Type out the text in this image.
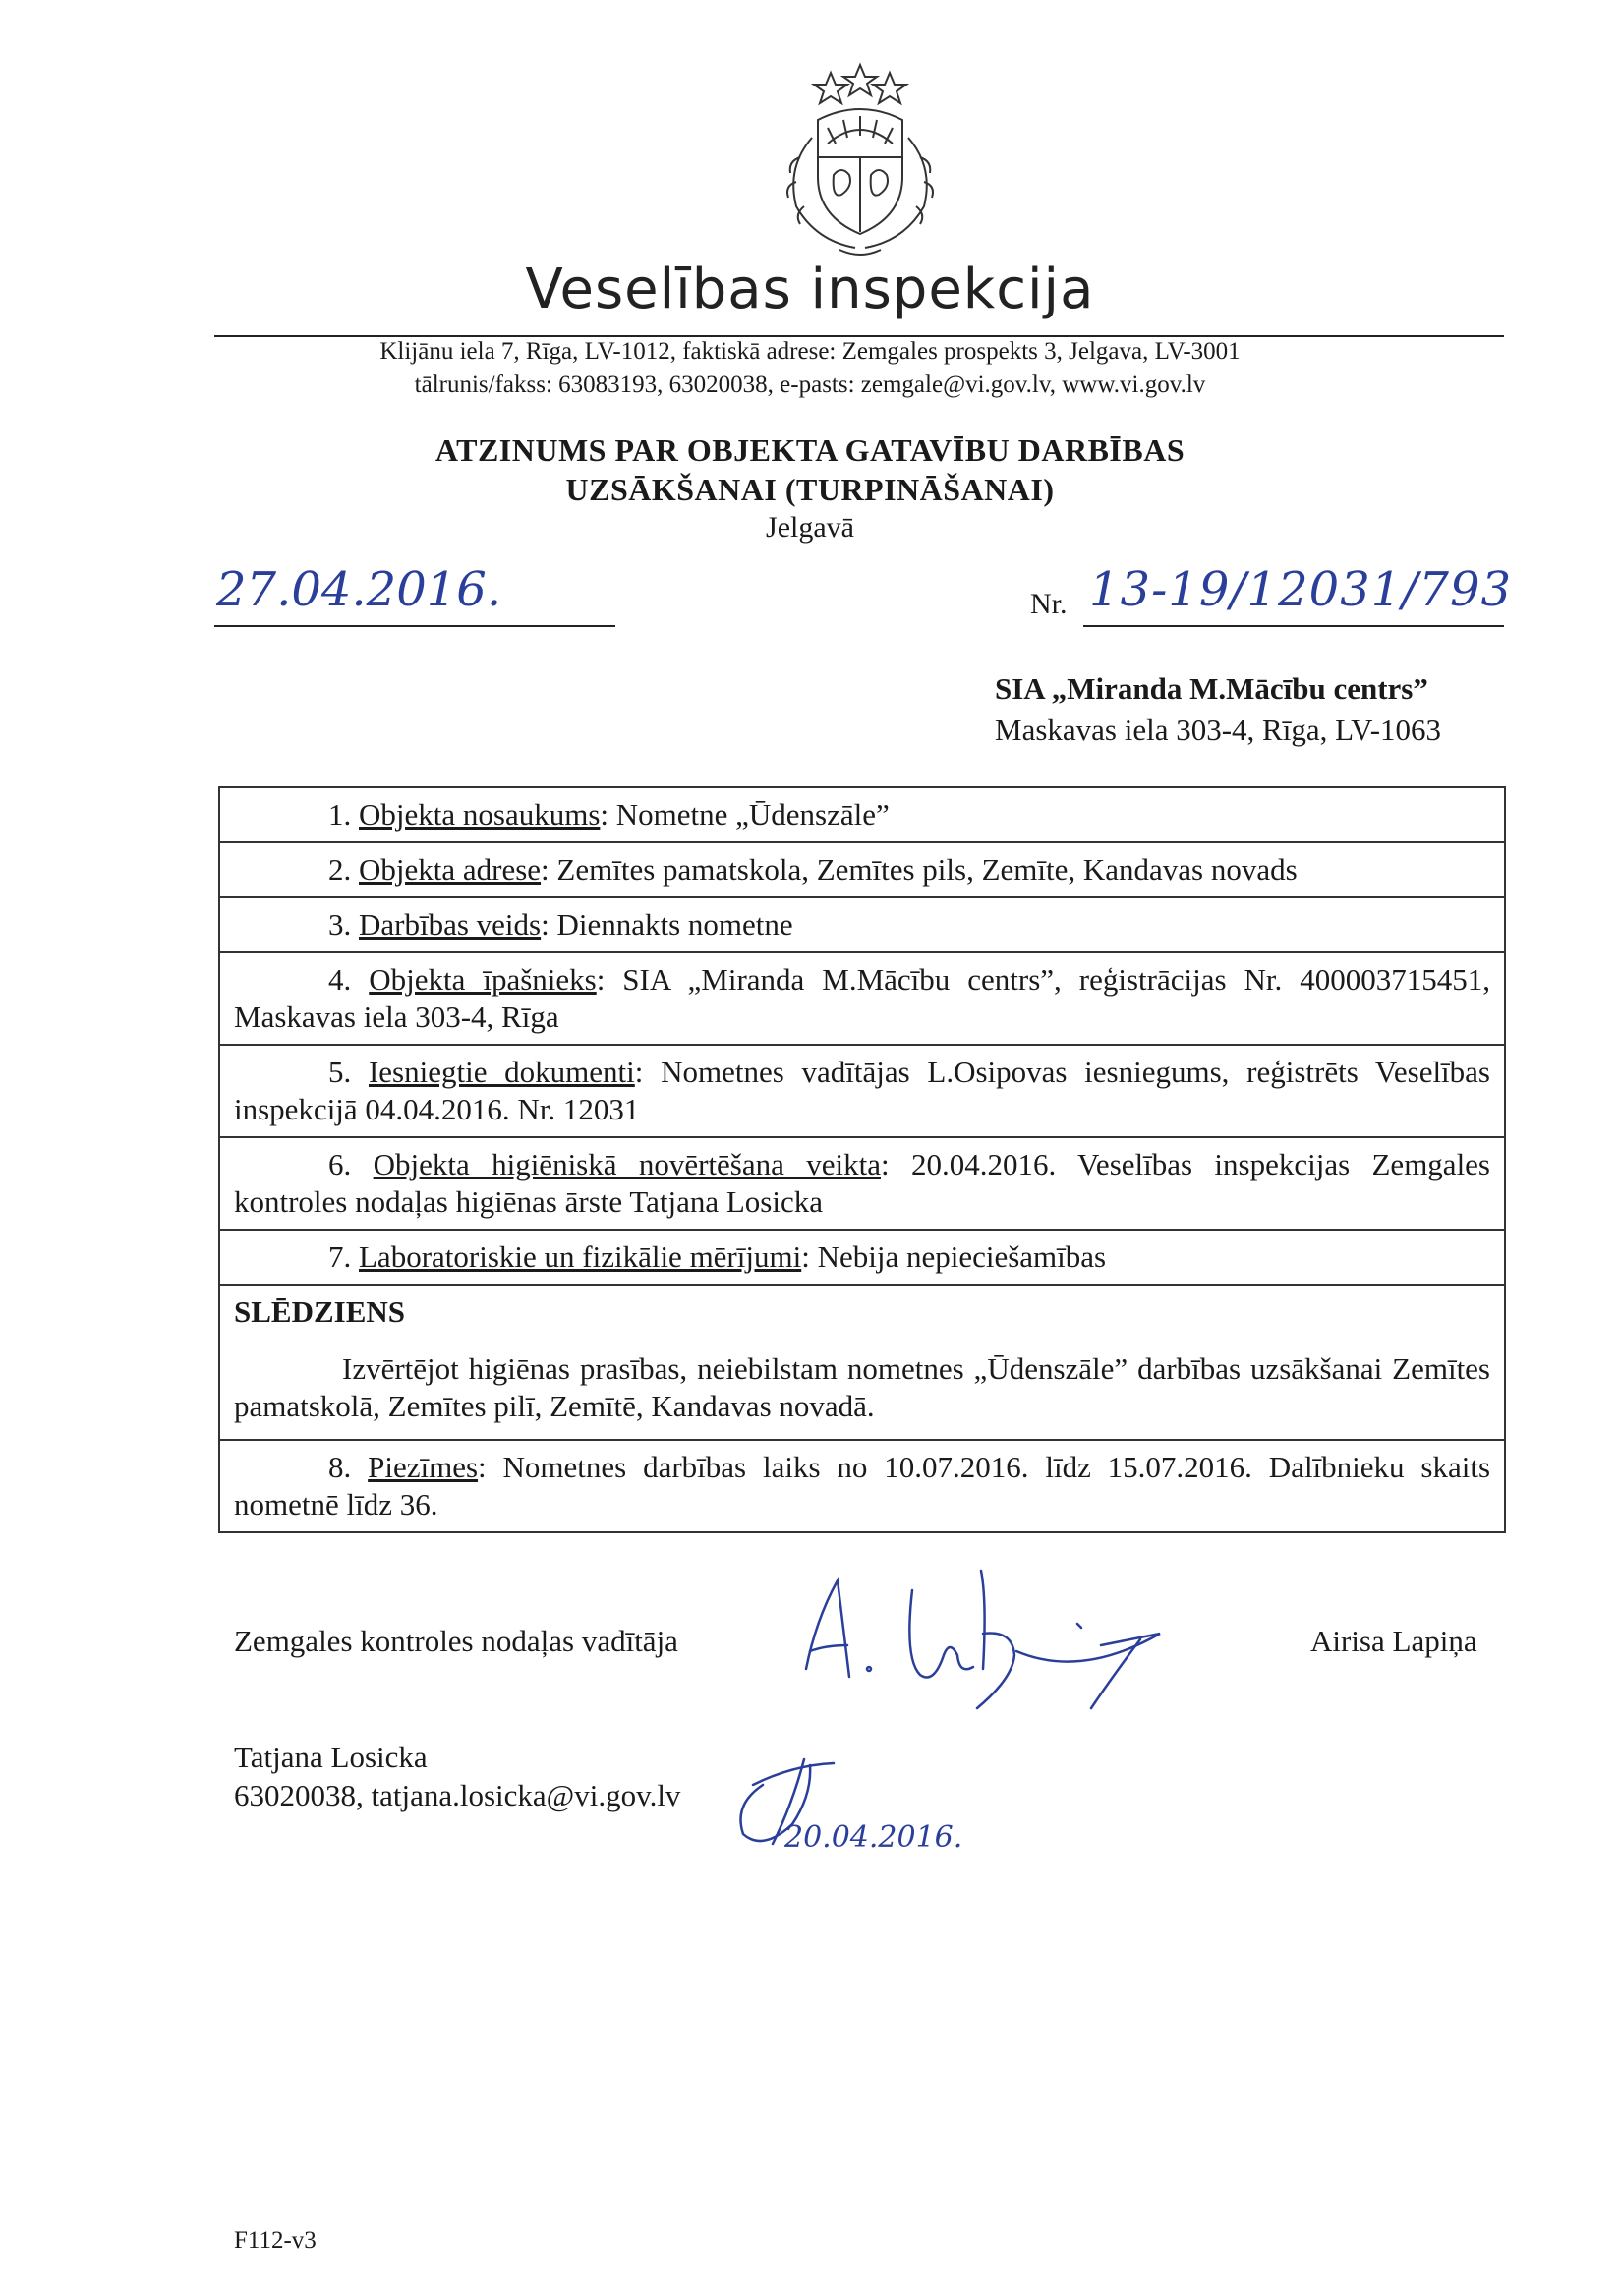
Veselības inspekcija
Klijānu iela 7, Rīga, LV-1012, faktiskā adrese: Zemgales prospekts 3, Jelgava, LV-3001
tālrunis/fakss: 63083193, 63020038, e-pasts: zemgale@vi.gov.lv, www.vi.gov.lv
ATZINUMS PAR OBJEKTA GATAVĪBU DARBĪBAS
UZSĀKŠANAI (TURPINĀŠANAI)
Jelgavā
27.04.2016.	Nr. 13-19/12031/793
SIA „Miranda M.Mācību centrs”
Maskavas iela 303-4, Rīga, LV-1063
1. Objekta nosaukums: Nometne „Ūdenszāle”
2. Objekta adrese: Zemītes pamatskola, Zemītes pils, Zemīte, Kandavas novads
3. Darbības veids: Diennakts nometne
4. Objekta īpašnieks: SIA „Miranda M.Mācību centrs”, reģistrācijas Nr. 400003715451, Maskavas iela 303-4, Rīga
5. Iesniegtie dokumenti: Nometnes vadītājas L.Osipovas iesniegums, reģistrēts Veselības inspekcijā 04.04.2016. Nr. 12031
6. Objekta higiēniskā novērtēšana veikta: 20.04.2016. Veselības inspekcijas Zemgales kontroles nodaļas higiēnas ārste Tatjana Losicka
7. Laboratoriskie un fizikālie mērījumi: Nebija nepieciešamības
SLĒDZIENS
Izvērtējot higiēnas prasības, neiebilstam nometnes „Ūdenszāle” darbības uzsākšanai Zemītes pamatskolā, Zemītes pilī, Zemītē, Kandavas novadā.
8. Piezīmes: Nometnes darbības laiks no 10.07.2016. līdz 15.07.2016. Dalībnieku skaits nometnē līdz 36.
Zemgales kontroles nodaļas vadītāja	Airisa Lapiņa
Tatjana Losicka
63020038, tatjana.losicka@vi.gov.lv
20.04.2016.
F112-v3
